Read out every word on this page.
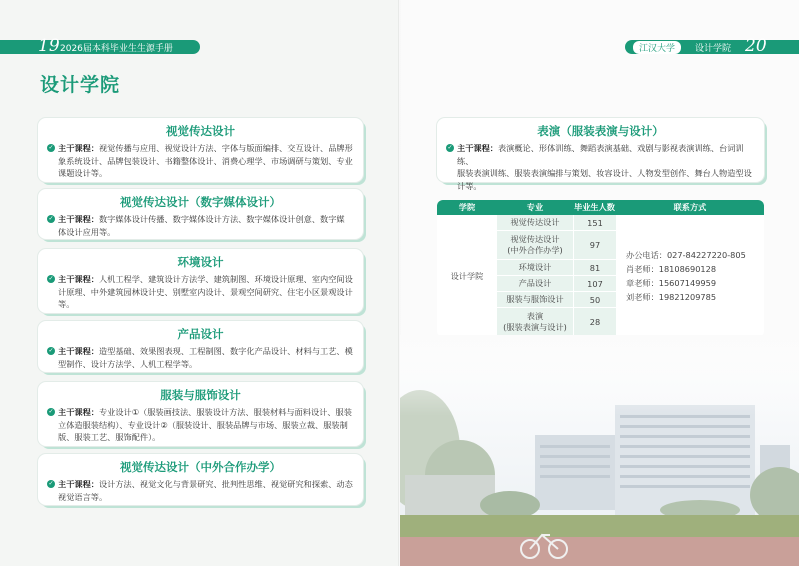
19 2026届本科毕业生生源手册	江汉大学	设计学院 20
设计学院
视觉传达设计
✓ 主干课程：视觉传播与应用、视觉设计方法、字体与版面编排、交互设计、品牌形
象系统设计、品牌包装设计、书籍整体设计、消费心理学、市场调研与策划、专业
课题设计等。
视觉传达设计（数字媒体设计）
✓ 主干课程：数字媒体设计传播、数字媒体设计方法、数字媒体设计创意、数字媒
体设计应用等。
环境设计
✓ 主干课程：人机工程学、建筑设计方法学、建筑制图、环境设计原理、室内空间设
计原理、中外建筑园林设计史、别墅室内设计、景观空间研究、住宅小区景观设计
等。
产品设计
✓ 主干课程：造型基础、效果图表现、工程制图、数字化产品设计、材料与工艺、模
型制作、设计方法学、人机工程学等。
服装与服饰设计
✓ 主干课程：专业设计①（服装画技法、服装设计方法、服装材料与面料设计、服装
立体造服装结构）、专业设计②（服装设计、服装品牌与市场、服装立裁、服装制
版、服装工艺、服饰配件）。
视觉传达设计（中外合作办学）
✓ 主干课程：设计方法、视觉文化与背景研究、批判性思维、视觉研究和探索、动态
视觉语言等。
表演（服装表演与设计）
✓ 主干课程：表演概论、形体训练、舞蹈表演基础、戏剧与影视表演训练、台词训练、
服装表演训练、服装表演编排与策划、妆容设计、人物发型创作、舞台人物造型设
计等。
学院	专业	毕业生人数	联系方式
设计学院	视觉传达设计	151	办公电话：027-84227220-805
肖老师：18108690128
章老师：15607149959
刘老师：19821209785

	视觉传达设计
(中外合作办学)	97	
	环境设计	81	
	产品设计	107	
	服装与服饰设计	50	
	表演
(服装表演与设计)	28	
